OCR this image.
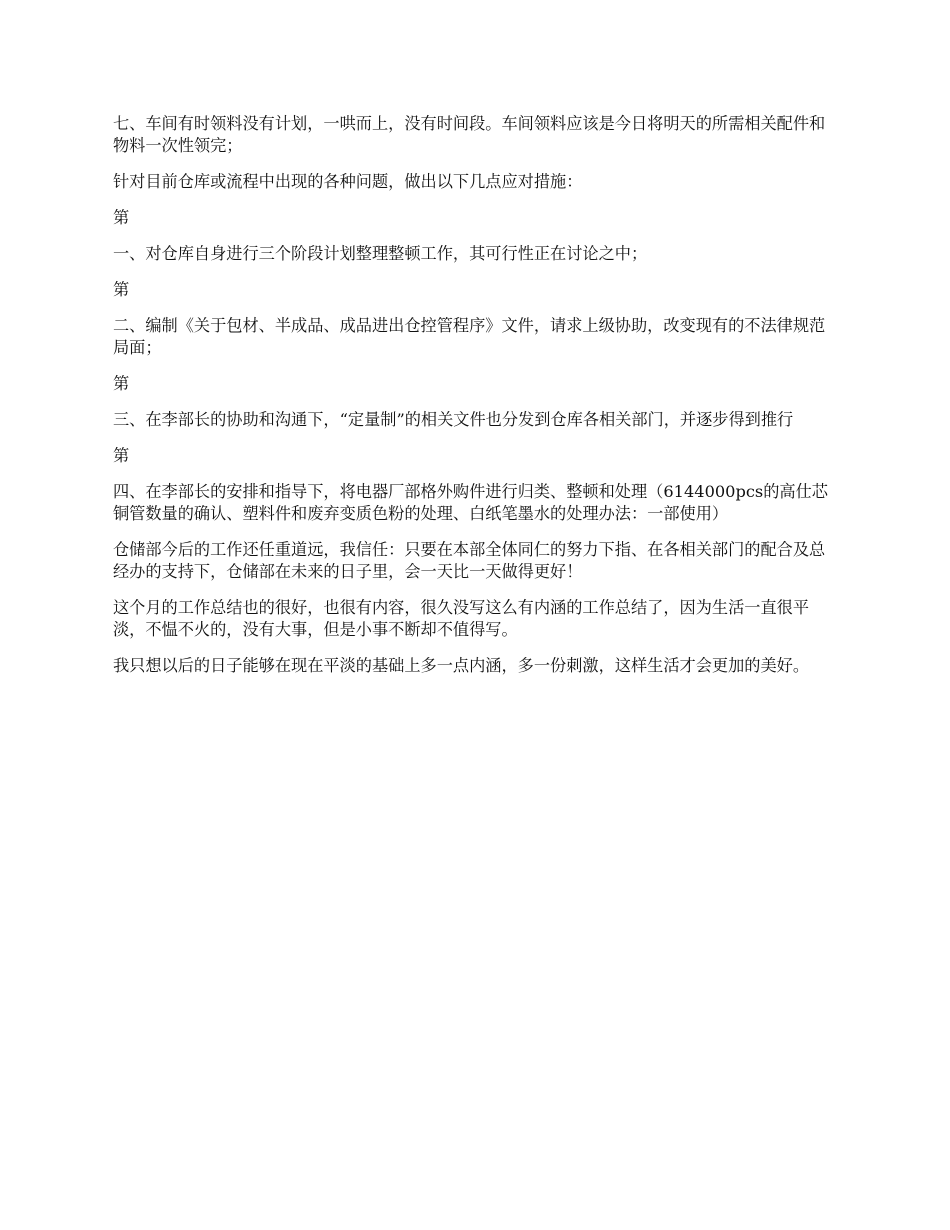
七、车间有时领料没有计划，一哄而上，没有时间段。车间领料应该是今日将明天的所需相关配件和物料一次性领完；

针对目前仓库或流程中出现的各种问题，做出以下几点应对措施：

第

一、对仓库自身进行三个阶段计划整理整顿工作，其可行性正在讨论之中；

第

二、编制《关于包材、半成品、成品进出仓控管程序》文件，请求上级协助，改变现有的不法律规范局面；

第

三、在李部长的协助和沟通下，“定量制”的相关文件也分发到仓库各相关部门，并逐步得到推行

第

四、在李部长的安排和指导下，将电器厂部格外购件进行归类、整顿和处理（6144000pcs的高仕芯铜管数量的确认、塑料件和废弃变质色粉的处理、白纸笔墨水的处理办法：一部使用）

仓储部今后的工作还任重道远，我信任：只要在本部全体同仁的努力下指、在各相关部门的配合及总经办的支持下，仓储部在未来的日子里，会一天比一天做得更好！

这个月的工作总结也的很好，也很有内容，很久没写这么有内涵的工作总结了，因为生活一直很平淡，不愠不火的，没有大事，但是小事不断却不值得写。

我只想以后的日子能够在现在平淡的基础上多一点内涵，多一份刺激，这样生活才会更加的美好。
